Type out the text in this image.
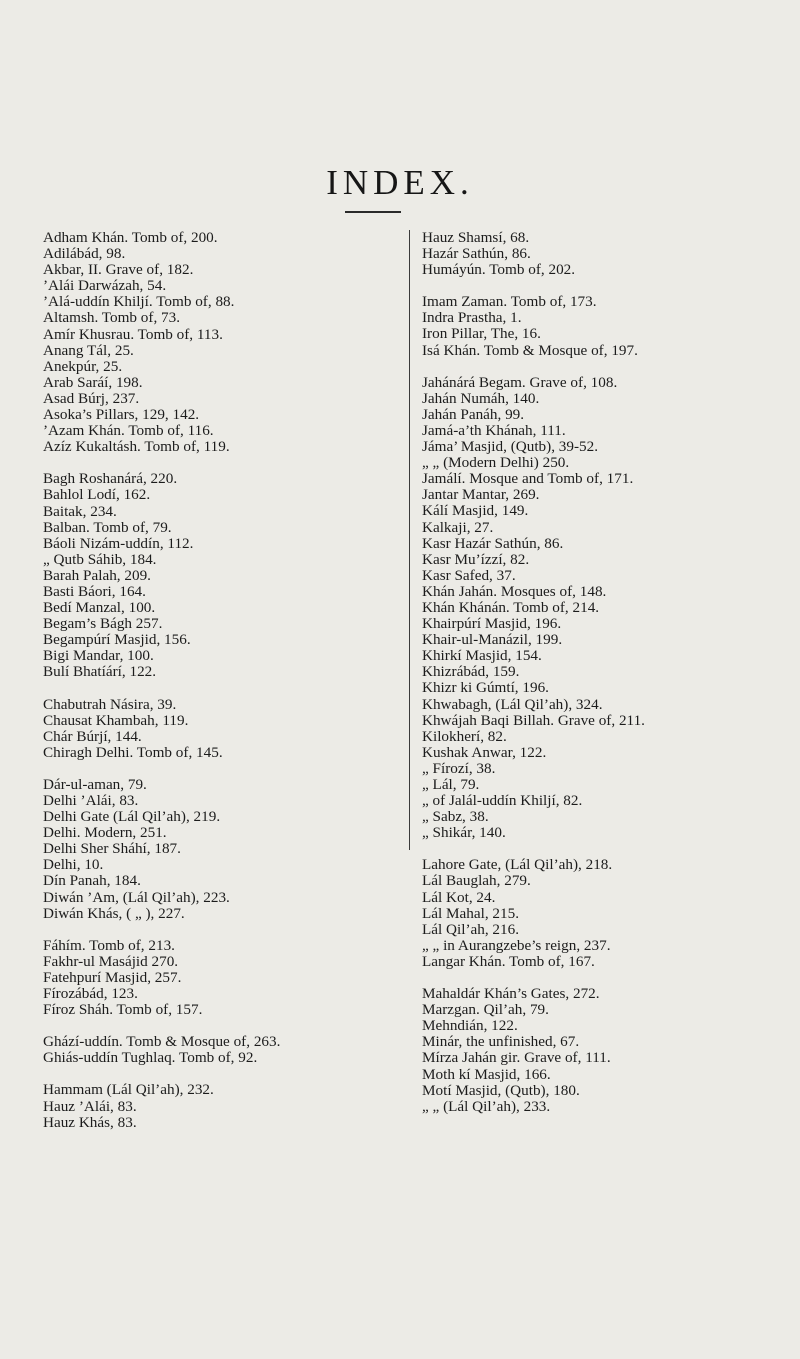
INDEX.
Adham Khán. Tomb of, 200.
Adilábád, 98.
Akbar, II. Grave of, 182.
’Alái Darwázah, 54.
’Alá-uddín Khiljí. Tomb of, 88.
Altamsh. Tomb of, 73.
Amír Khusrau. Tomb of, 113.
Anang Tál, 25.
Anekpúr, 25.
Arab Saráí, 198.
Asad Búrj, 237.
Asoka’s Pillars, 129, 142.
’Azam Khán. Tomb of, 116.
Azíz Kukaltásh. Tomb of, 119.
Bagh Roshanárá, 220.
Bahlol Lodí, 162.
Baitak, 234.
Balban. Tomb of, 79.
Báoli Nizám-uddín, 112.
„ Qutb Sáhib, 184.
Barah Palah, 209.
Basti Báori, 164.
Bedí Manzal, 100.
Begam’s Bágh 257.
Begampúrí Masjid, 156.
Bigi Mandar, 100.
Bulí Bhatíárí, 122.
Chabutrah Násira, 39.
Chausat Khambah, 119.
Chár Búrjí, 144.
Chiragh Delhi. Tomb of, 145.
Dár-ul-aman, 79.
Delhi ’Alái, 83.
Delhi Gate (Lál Qil’ah), 219.
Delhi. Modern, 251.
Delhi Sher Sháhí, 187.
Delhi, 10.
Dín Panah, 184.
Diwán ’Am, (Lál Qil’ah), 223.
Diwán Khás, ( „ ), 227.
Fáhím. Tomb of, 213.
Fakhr-ul Masájid 270.
Fatehpurí Masjid, 257.
Fírozábád, 123.
Fíroz Sháh. Tomb of, 157.
Ghází-uddín. Tomb & Mosque of, 263.
Ghiás-uddín Tughlaq. Tomb of, 92.
Hammam (Lál Qil’ah), 232.
Hauz ’Alái, 83.
Hauz Khás, 83.
Hauz Shamsí, 68.
Hazár Sathún, 86.
Humáyún. Tomb of, 202.
Imam Zaman. Tomb of, 173.
Indra Prastha, 1.
Iron Pillar, The, 16.
Isá Khán. Tomb & Mosque of, 197.
Jahánárá Begam. Grave of, 108.
Jahán Numáh, 140.
Jahán Panáh, 99.
Jamá-a’th Khánah, 111.
Jáma’ Masjid, (Qutb), 39-52.
„ „ (Modern Delhi) 250.
Jamálí. Mosque and Tomb of, 171.
Jantar Mantar, 269.
Kálí Masjid, 149.
Kalkaji, 27.
Kasr Hazár Sathún, 86.
Kasr Mu’ízzí, 82.
Kasr Safed, 37.
Khán Jahán. Mosques of, 148.
Khán Khánán. Tomb of, 214.
Khairpúrí Masjid, 196.
Khair-ul-Manázil, 199.
Khirkí Masjid, 154.
Khizrábád, 159.
Khizr ki Gúmtí, 196.
Khwabagh, (Lál Qil’ah), 324.
Khwájah Baqi Billah. Grave of, 211.
Kilokherí, 82.
Kushak Anwar, 122.
„ Fírozí, 38.
„ Lál, 79.
„ of Jalál-uddín Khiljí, 82.
„ Sabz, 38.
„ Shikár, 140.
Lahore Gate, (Lál Qil’ah), 218.
Lál Bauglah, 279.
Lál Kot, 24.
Lál Mahal, 215.
Lál Qil’ah, 216.
„ „ in Aurangzebe’s reign, 237.
Langar Khán. Tomb of, 167.
Mahaldár Khán’s Gates, 272.
Marzgan. Qil’ah, 79.
Mehndián, 122.
Minár, the unfinished, 67.
Mírza Jahán gir. Grave of, 111.
Moth kí Masjid, 166.
Motí Masjid, (Qutb), 180.
„ „ (Lál Qil’ah), 233.
